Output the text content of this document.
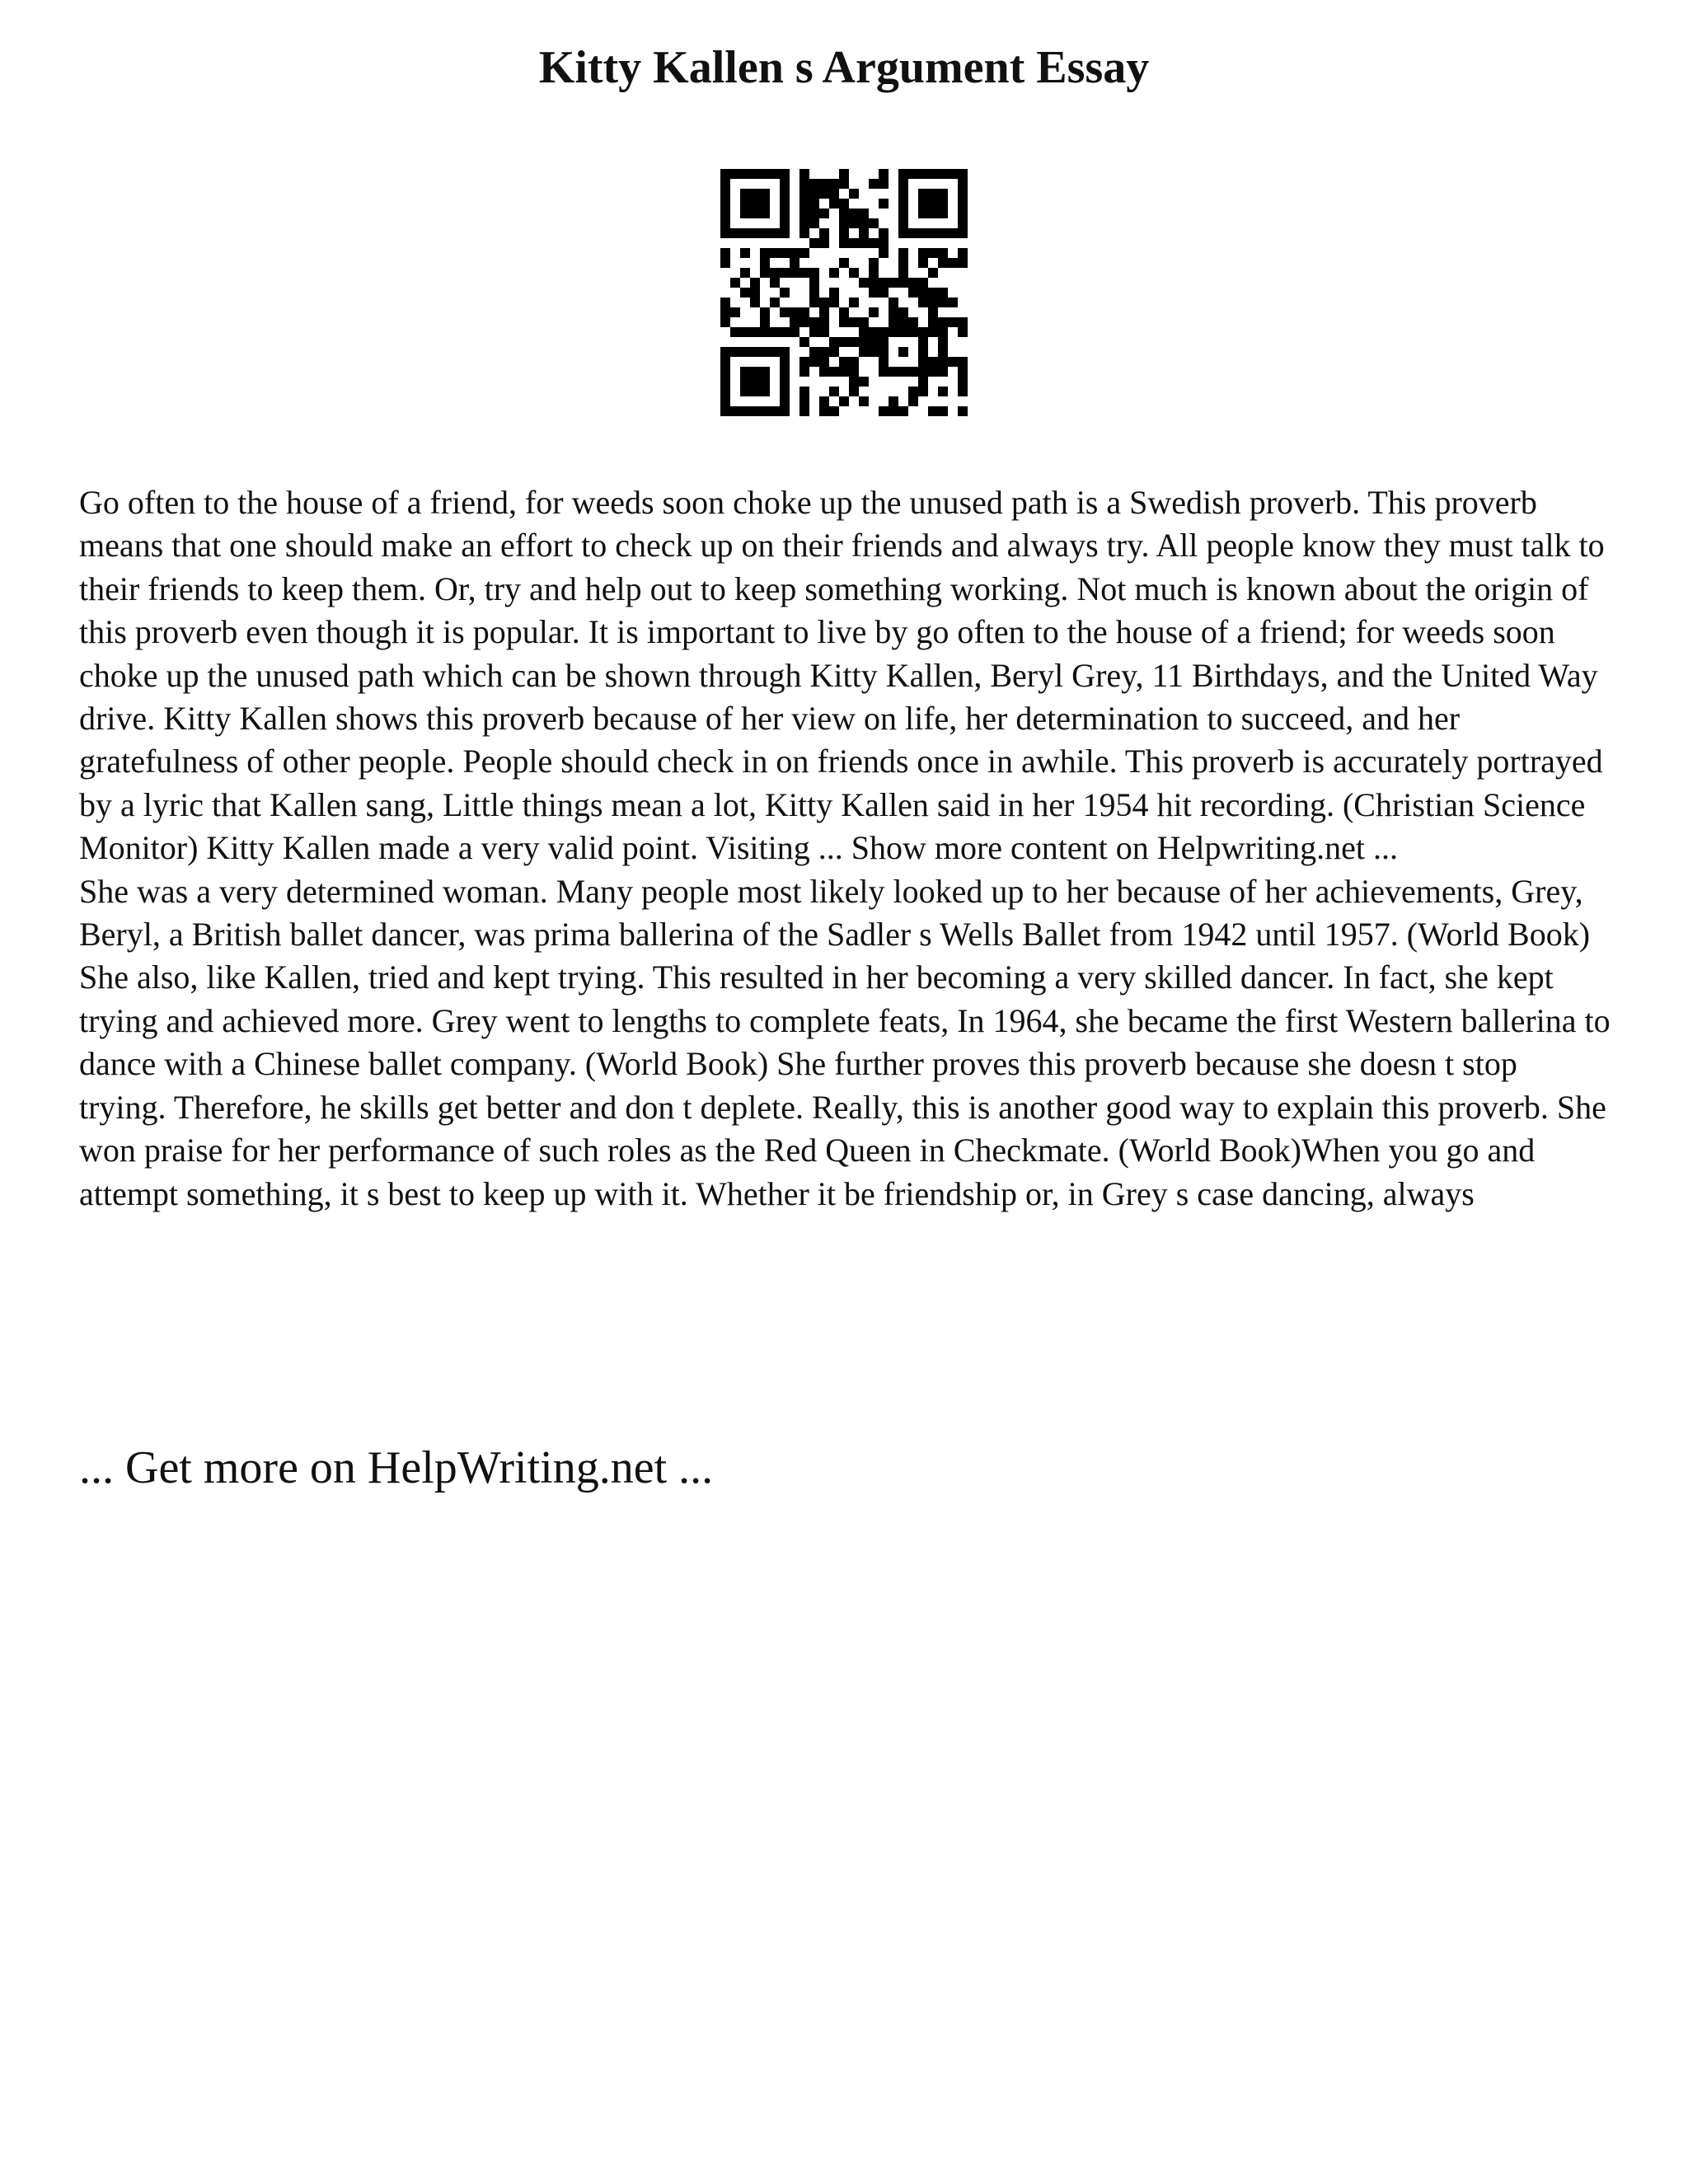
Kitty Kallen s Argument Essay

Go often to the house of a friend, for weeds soon choke up the unused path is a Swedish proverb. This proverb means that one should make an effort to check up on their friends and always try. All people know they must talk to their friends to keep them. Or, try and help out to keep something working. Not much is known about the origin of this proverb even though it is popular. It is important to live by go often to the house of a friend; for weeds soon choke up the unused path which can be shown through Kitty Kallen, Beryl Grey, 11 Birthdays, and the United Way drive. Kitty Kallen shows this proverb because of her view on life, her determination to succeed, and her gratefulness of other people. People should check in on friends once in awhile. This proverb is accurately portrayed by a lyric that Kallen sang, Little things mean a lot, Kitty Kallen said in her 1954 hit recording. (Christian Science Monitor) Kitty Kallen made a very valid point. Visiting ... Show more content on Helpwriting.net ...

She was a very determined woman. Many people most likely looked up to her because of her achievements, Grey, Beryl, a British ballet dancer, was prima ballerina of the Sadler s Wells Ballet from 1942 until 1957. (World Book) She also, like Kallen, tried and kept trying. This resulted in her becoming a very skilled dancer. In fact, she kept trying and achieved more. Grey went to lengths to complete feats, In 1964, she became the first Western ballerina to dance with a Chinese ballet company. (World Book) She further proves this proverb because she doesn t stop trying. Therefore, he skills get better and don t deplete. Really, this is another good way to explain this proverb. She won praise for her performance of such roles as the Red Queen in Checkmate. (World Book)When you go and attempt something, it s best to keep up with it. Whether it be friendship or, in Grey s case dancing, always

... Get more on HelpWriting.net ...
